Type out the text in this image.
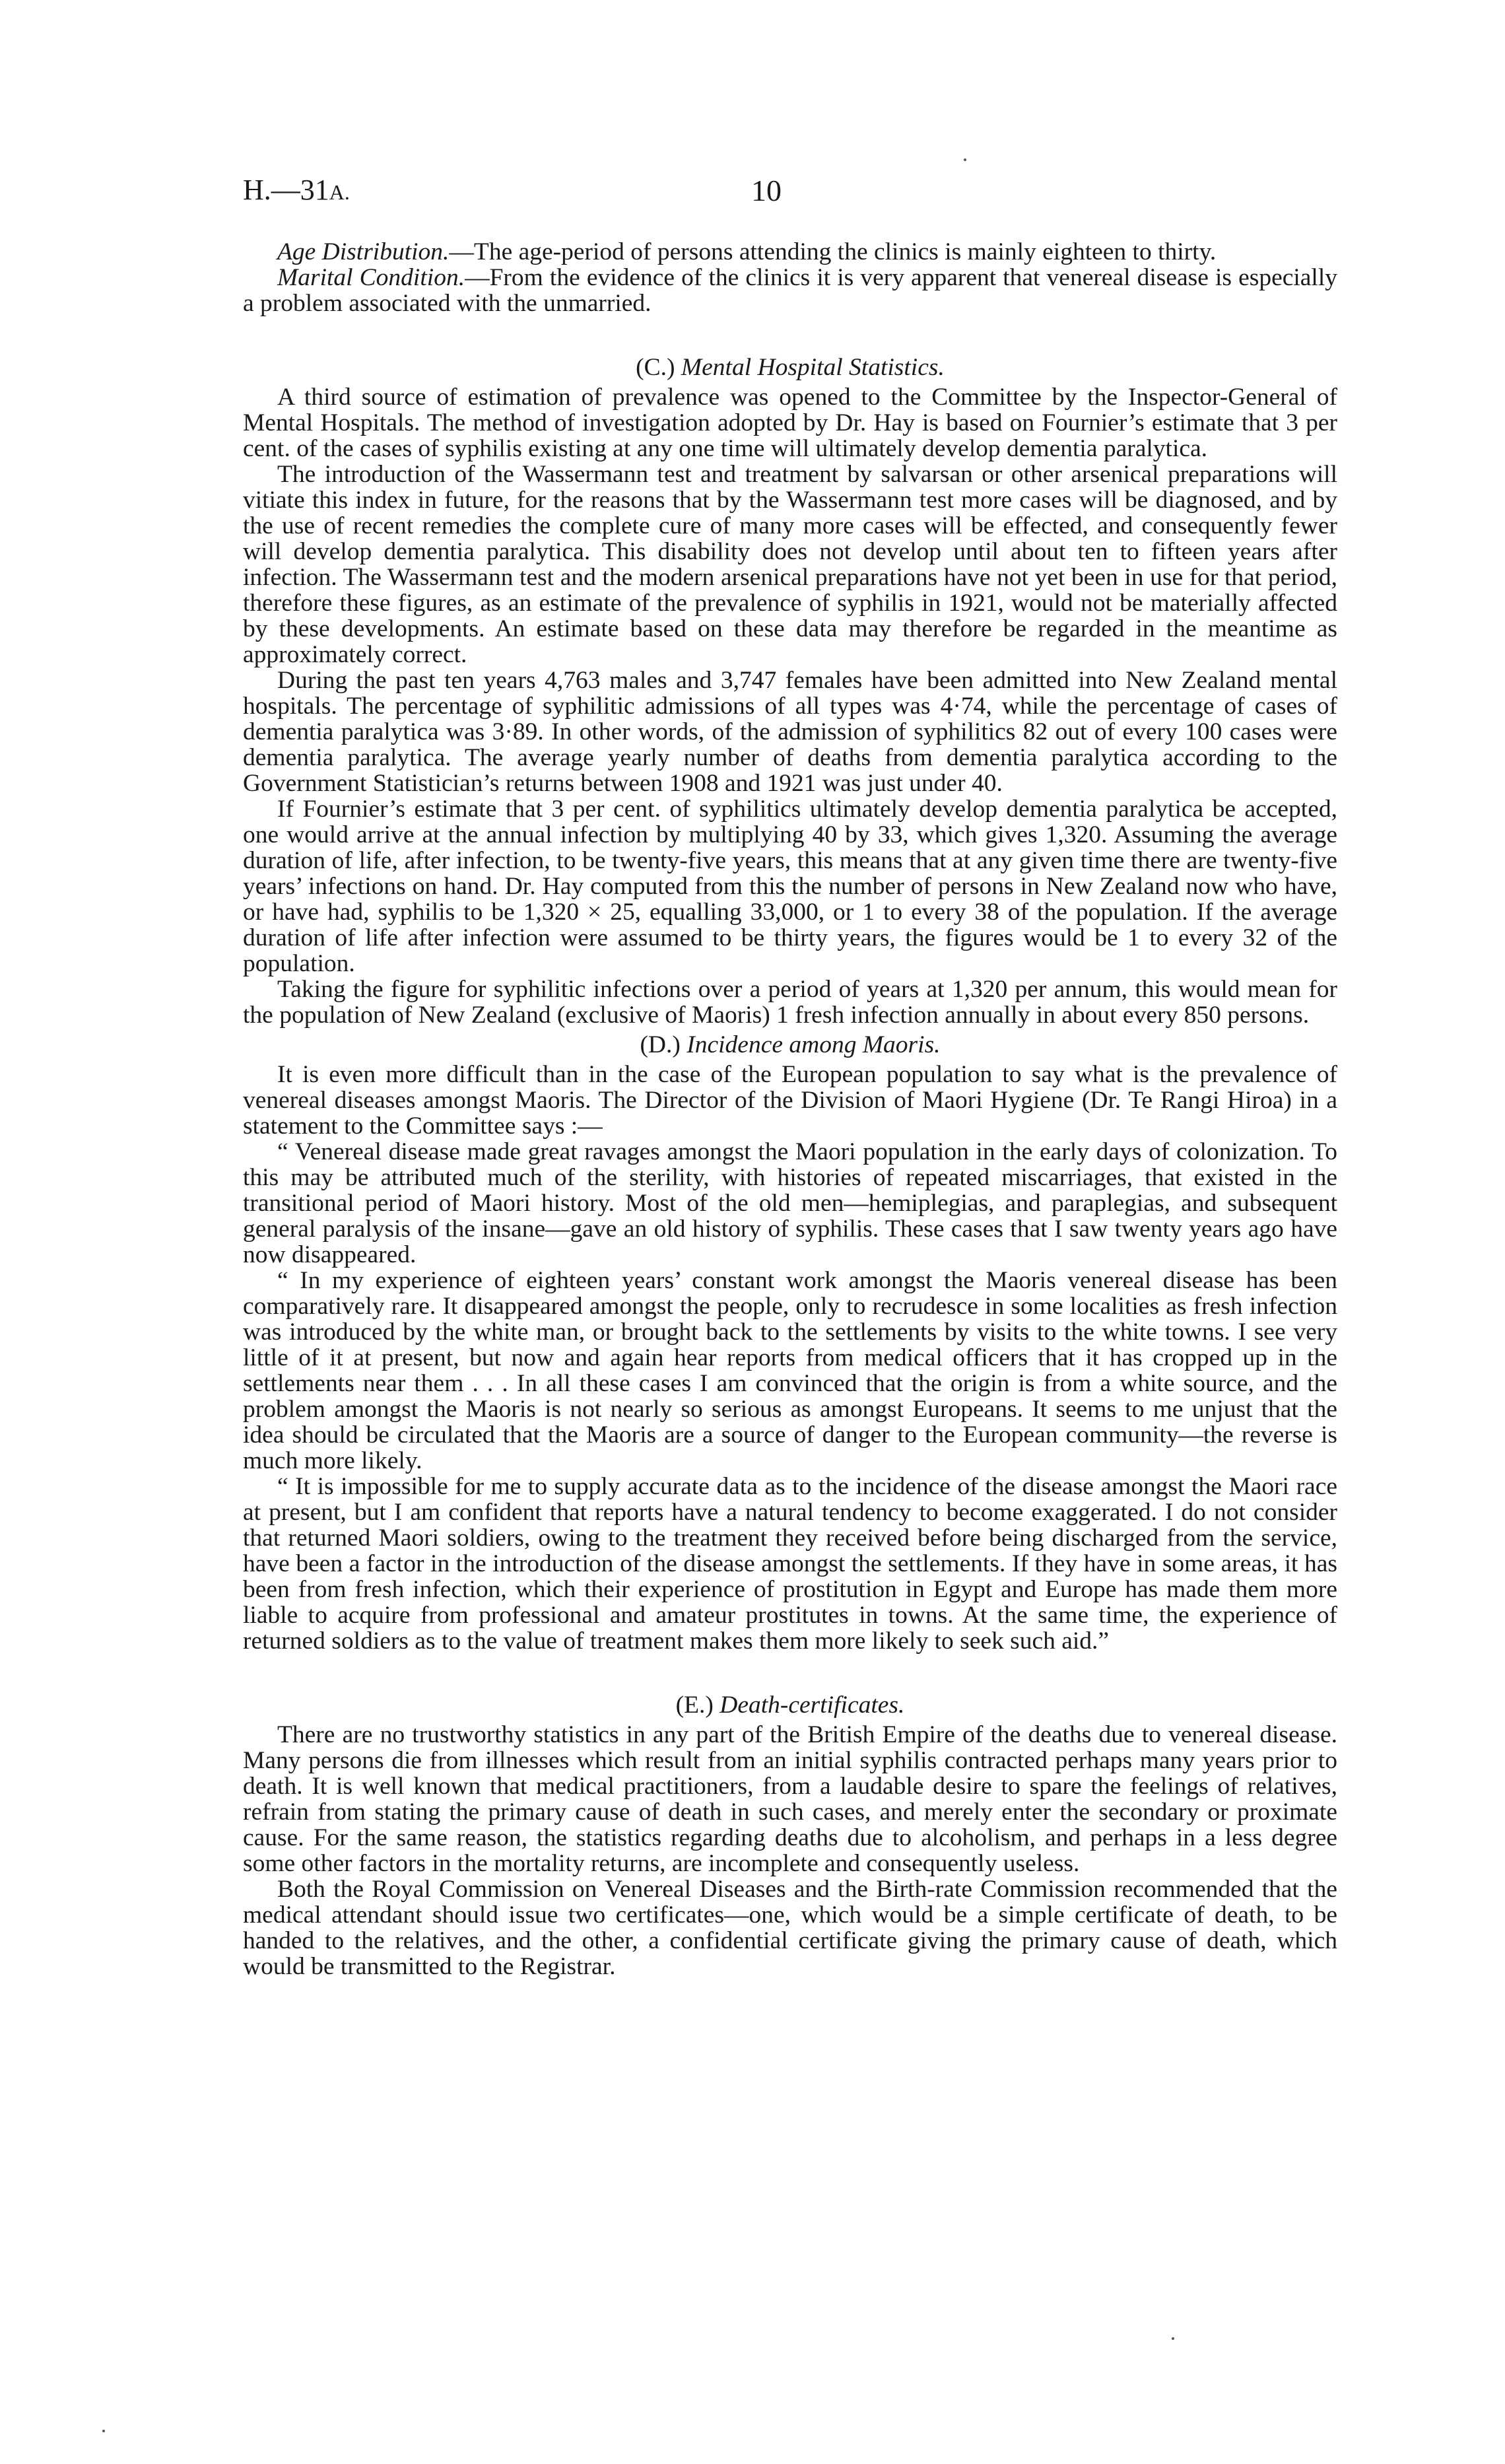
H.—31A.	10

Age Distribution.—The age-period of persons attending the clinics is mainly eighteen to thirty.

Marital Condition.—From the evidence of the clinics it is very apparent that venereal disease is especially a problem associated with the unmarried.

(C.) Mental Hospital Statistics.

A third source of estimation of prevalence was opened to the Committee by the Inspector-General of Mental Hospitals. The method of investigation adopted by Dr. Hay is based on Fournier’s estimate that 3 per cent. of the cases of syphilis existing at any one time will ultimately develop dementia paralytica.

The introduction of the Wassermann test and treatment by salvarsan or other arsenical preparations will vitiate this index in future, for the reasons that by the Wassermann test more cases will be diagnosed, and by the use of recent remedies the complete cure of many more cases will be effected, and consequently fewer will develop dementia paralytica. This disability does not develop until about ten to fifteen years after infection. The Wassermann test and the modern arsenical preparations have not yet been in use for that period, therefore these figures, as an estimate of the prevalence of syphilis in 1921, would not be materially affected by these developments. An estimate based on these data may therefore be regarded in the meantime as approximately correct.

During the past ten years 4,763 males and 3,747 females have been admitted into New Zealand mental hospitals. The percentage of syphilitic admissions of all types was 4·74, while the percentage of cases of dementia paralytica was 3·89. In other words, of the admission of syphilitics 82 out of every 100 cases were dementia paralytica. The average yearly number of deaths from dementia paralytica according to the Government Statistician’s returns between 1908 and 1921 was just under 40.

If Fournier’s estimate that 3 per cent. of syphilitics ultimately develop dementia paralytica be accepted, one would arrive at the annual infection by multiplying 40 by 33, which gives 1,320. Assuming the average duration of life, after infection, to be twenty-five years, this means that at any given time there are twenty-five years’ infections on hand. Dr. Hay computed from this the number of persons in New Zealand now who have, or have had, syphilis to be 1,320 × 25, equalling 33,000, or 1 to every 38 of the population. If the average duration of life after infection were assumed to be thirty years, the figures would be 1 to every 32 of the population.

Taking the figure for syphilitic infections over a period of years at 1,320 per annum, this would mean for the population of New Zealand (exclusive of Maoris) 1 fresh infection annually in about every 850 persons.

(D.) Incidence among Maoris.

It is even more difficult than in the case of the European population to say what is the prevalence of venereal diseases amongst Maoris. The Director of the Division of Maori Hygiene (Dr. Te Rangi Hiroa) in a statement to the Committee says :—

“ Venereal disease made great ravages amongst the Maori population in the early days of colonization. To this may be attributed much of the sterility, with histories of repeated miscarriages, that existed in the transitional period of Maori history. Most of the old men—hemiplegias, and paraplegias, and subsequent general paralysis of the insane—gave an old history of syphilis. These cases that I saw twenty years ago have now disappeared.

“ In my experience of eighteen years’ constant work amongst the Maoris venereal disease has been comparatively rare. It disappeared amongst the people, only to recrudesce in some localities as fresh infection was introduced by the white man, or brought back to the settlements by visits to the white towns. I see very little of it at present, but now and again hear reports from medical officers that it has cropped up in the settlements near them . . . In all these cases I am convinced that the origin is from a white source, and the problem amongst the Maoris is not nearly so serious as amongst Europeans. It seems to me unjust that the idea should be circulated that the Maoris are a source of danger to the European community—the reverse is much more likely.

“ It is impossible for me to supply accurate data as to the incidence of the disease amongst the Maori race at present, but I am confident that reports have a natural tendency to become exaggerated. I do not consider that returned Maori soldiers, owing to the treatment they received before being discharged from the service, have been a factor in the introduction of the disease amongst the settlements. If they have in some areas, it has been from fresh infection, which their experience of prostitution in Egypt and Europe has made them more liable to acquire from professional and amateur prostitutes in towns. At the same time, the experience of returned soldiers as to the value of treatment makes them more likely to seek such aid.”

(E.) Death-certificates.

There are no trustworthy statistics in any part of the British Empire of the deaths due to venereal disease. Many persons die from illnesses which result from an initial syphilis contracted perhaps many years prior to death. It is well known that medical practitioners, from a laudable desire to spare the feelings of relatives, refrain from stating the primary cause of death in such cases, and merely enter the secondary or proximate cause. For the same reason, the statistics regarding deaths due to alcoholism, and perhaps in a less degree some other factors in the mortality returns, are incomplete and consequently useless.

Both the Royal Commission on Venereal Diseases and the Birth-rate Commission recommended that the medical attendant should issue two certificates—one, which would be a simple certificate of death, to be handed to the relatives, and the other, a confidential certificate giving the primary cause of death, which would be transmitted to the Registrar.
